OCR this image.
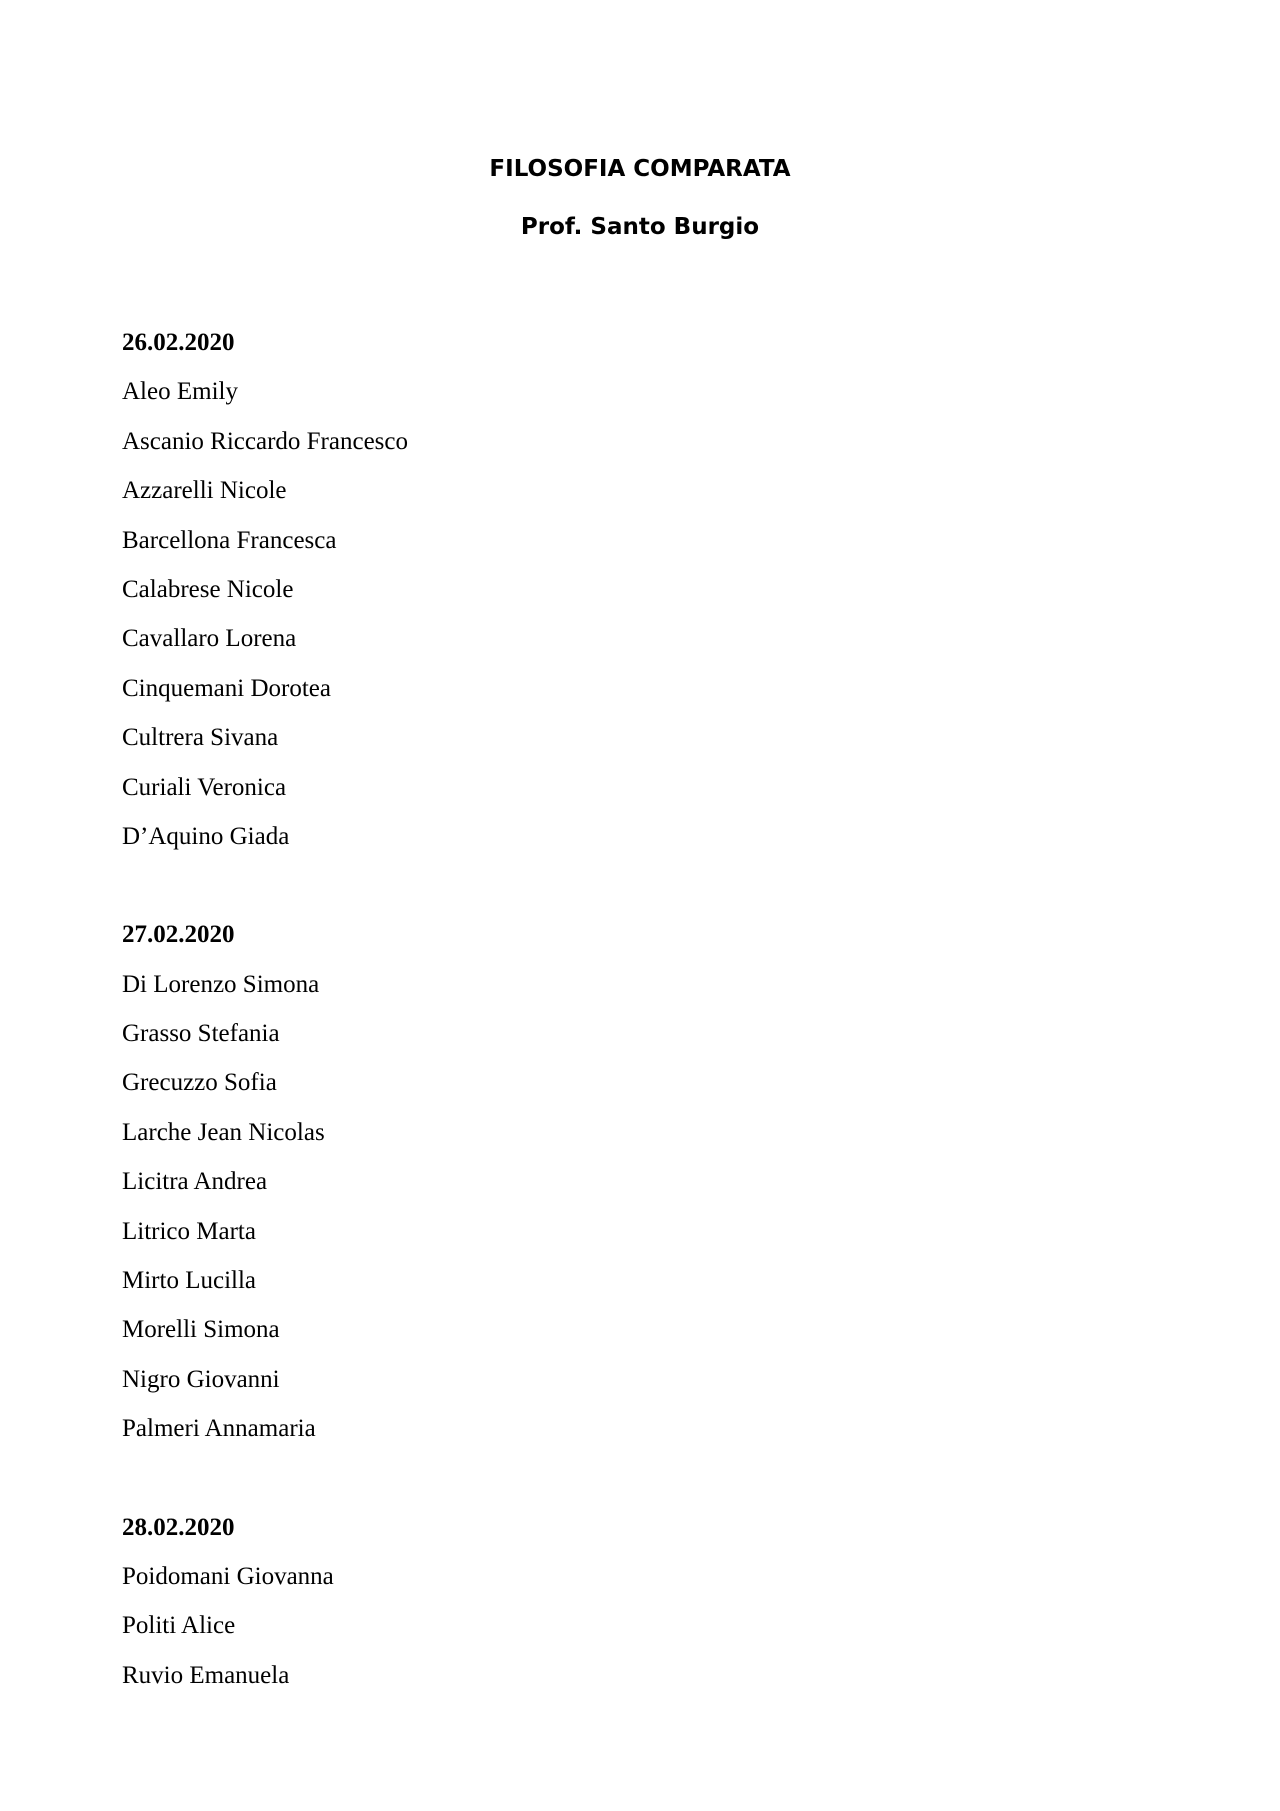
FILOSOFIA COMPARATA
Prof. Santo Burgio
26.02.2020
Aleo Emily
Ascanio Riccardo Francesco
Azzarelli Nicole
Barcellona Francesca
Calabrese Nicole
Cavallaro Lorena
Cinquemani Dorotea
Cultrera Sivana
Curiali Veronica
D’Aquino Giada
27.02.2020
Di Lorenzo Simona
Grasso Stefania
Grecuzzo Sofia
Larche Jean Nicolas
Licitra Andrea
Litrico Marta
Mirto Lucilla
Morelli Simona
Nigro Giovanni
Palmeri Annamaria
28.02.2020
Poidomani Giovanna
Politi Alice
Ruvio Emanuela
